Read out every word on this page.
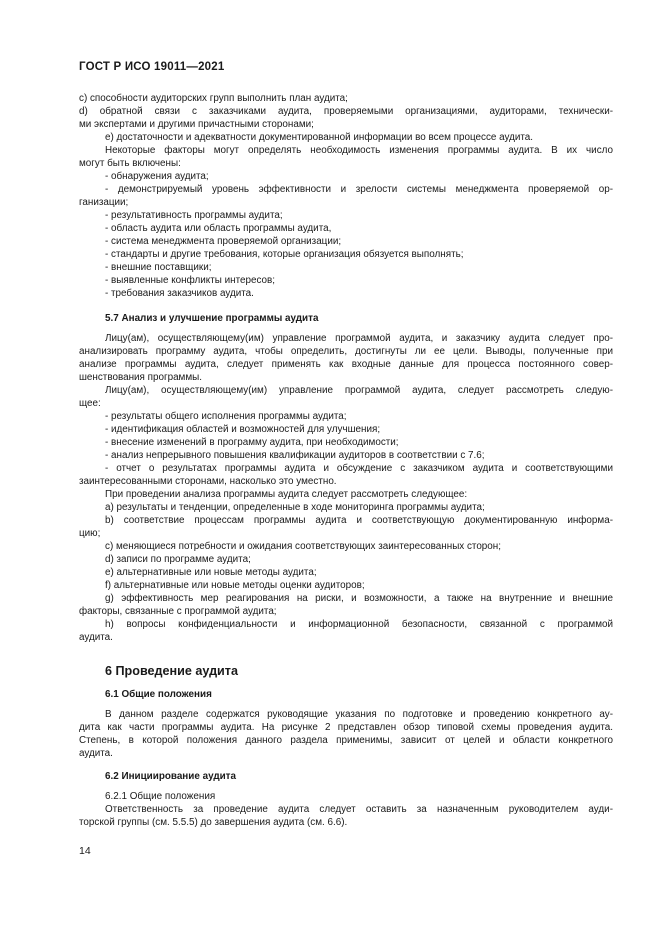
ГОСТ Р ИСО 19011—2021
c) способности аудиторских групп выполнить план аудита;
d) обратной связи с заказчиками аудита, проверяемыми организациями, аудиторами, технически-
ми экспертами и другими причастными сторонами;
e) достаточности и адекватности документированной информации во всем процессе аудита.
Некоторые факторы могут определять необходимость изменения программы аудита. В их число
могут быть включены:
- обнаружения аудита;
- демонстрируемый уровень эффективности и зрелости системы менеджмента проверяемой ор-
ганизации;
- результативность программы аудита;
- область аудита или область программы аудита,
- система менеджмента проверяемой организации;
- стандарты и другие требования, которые организация обязуется выполнять;
- внешние поставщики;
- выявленные конфликты интересов;
- требования заказчиков аудита.
5.7 Анализ и улучшение программы аудита
Лицу(ам), осуществляющему(им) управление программой аудита, и заказчику аудита следует про-
анализировать программу аудита, чтобы определить, достигнуты ли ее цели. Выводы, полученные при
анализе программы аудита, следует применять как входные данные для процесса постоянного совер-
шенствования программы.
Лицу(ам), осуществляющему(им) управление программой аудита, следует рассмотреть следую-
щее:
- результаты общего исполнения программы аудита;
- идентификация областей и возможностей для улучшения;
- внесение изменений в программу аудита, при необходимости;
- анализ непрерывного повышения квалификации аудиторов в соответствии с 7.6;
- отчет о результатах программы аудита и обсуждение с заказчиком аудита и соответствующими
заинтересованными сторонами, насколько это уместно.
При проведении анализа программы аудита следует рассмотреть следующее:
a) результаты и тенденции, определенные в ходе мониторинга программы аудита;
b) соответствие процессам программы аудита и соответствующую документированную информа-
цию;
c) меняющиеся потребности и ожидания соответствующих заинтересованных сторон;
d) записи по программе аудита;
e) альтернативные или новые методы аудита;
f) альтернативные или новые методы оценки аудиторов;
g) эффективность мер реагирования на риски, и возможности, а также на внутренние и внешние
факторы, связанные с программой аудита;
h) вопросы конфиденциальности и информационной безопасности, связанной с программой
аудита.
6 Проведение аудита
6.1 Общие положения
В данном разделе содержатся руководящие указания по подготовке и проведению конкретного ау-
дита как части программы аудита. На рисунке 2 представлен обзор типовой схемы проведения аудита.
Степень, в которой положения данного раздела применимы, зависит от целей и области конкретного
аудита.
6.2 Инициирование аудита
6.2.1 Общие положения
Ответственность за проведение аудита следует оставить за назначенным руководителем ауди-
торской группы (см. 5.5.5) до завершения аудита (см. 6.6).
14
